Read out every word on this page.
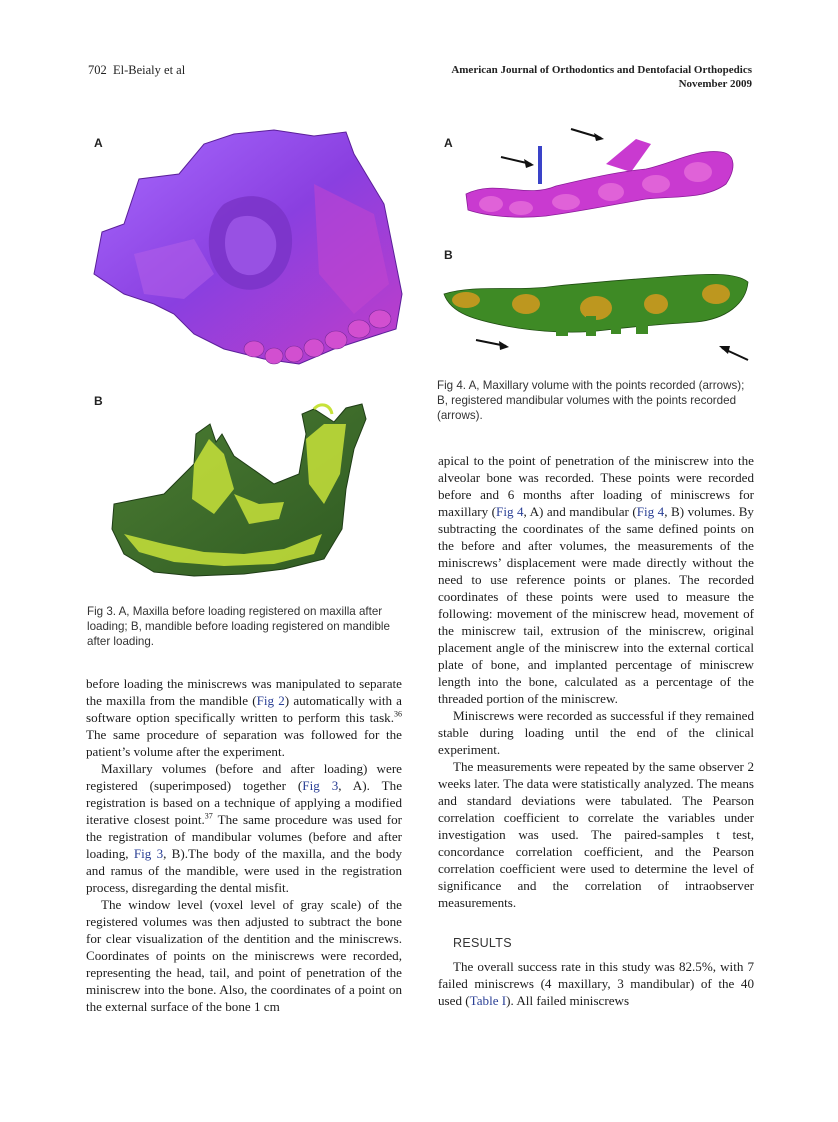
702 El-Beialy et al	American Journal of Orthodontics and Dentofacial Orthopedics
November 2009
A
B
Fig 3. A, Maxilla before loading registered on maxilla after loading; B, mandible before loading registered on mandible after loading.
A
B
Fig 4. A, Maxillary volume with the points recorded (arrows); B, registered mandibular volumes with the points recorded (arrows).

before loading the miniscrews was manipulated to separate the maxilla from the mandible (Fig 2) automatically with a software option specifically written to perform this task.$^{36}$ The same procedure of separation was followed for the patient’s volume after the experiment.

Maxillary volumes (before and after loading) were registered (superimposed) together (Fig 3, A). The registration is based on a technique of applying a modified iterative closest point.$^{37}$ The same procedure was used for the registration of mandibular volumes (before and after loading, Fig 3, B).The body of the maxilla, and the body and ramus of the mandible, were used in the registration process, disregarding the dental misfit.

The window level (voxel level of gray scale) of the registered volumes was then adjusted to subtract the bone for clear visualization of the dentition and the miniscrews. Coordinates of points on the miniscrews were recorded, representing the head, tail, and point of penetration of the miniscrew into the bone. Also, the coordinates of a point on the external surface of the bone 1 cm

apical to the point of penetration of the miniscrew into the alveolar bone was recorded. These points were recorded before and 6 months after loading of miniscrews for maxillary (Fig 4, A) and mandibular (Fig 4, B) volumes. By subtracting the coordinates of the same defined points on the before and after volumes, the measurements of the miniscrews’ displacement were made directly without the need to use reference points or planes. The recorded coordinates of these points were used to measure the following: movement of the miniscrew head, movement of the miniscrew tail, extrusion of the miniscrew, original placement angle of the miniscrew into the external cortical plate of bone, and implanted percentage of miniscrew length into the bone, calculated as a percentage of the threaded portion of the miniscrew.

Miniscrews were recorded as successful if they remained stable during loading until the end of the clinical experiment.

The measurements were repeated by the same observer 2 weeks later. The data were statistically analyzed. The means and standard deviations were tabulated. The Pearson correlation coefficient to correlate the variables under investigation was used. The paired-samples t test, concordance correlation coefficient, and the Pearson correlation coefficient were used to determine the level of significance and the correlation of intraobserver measurements.

RESULTS

The overall success rate in this study was 82.5%, with 7 failed miniscrews (4 maxillary, 3 mandibular) of the 40 used (Table I). All failed miniscrews
